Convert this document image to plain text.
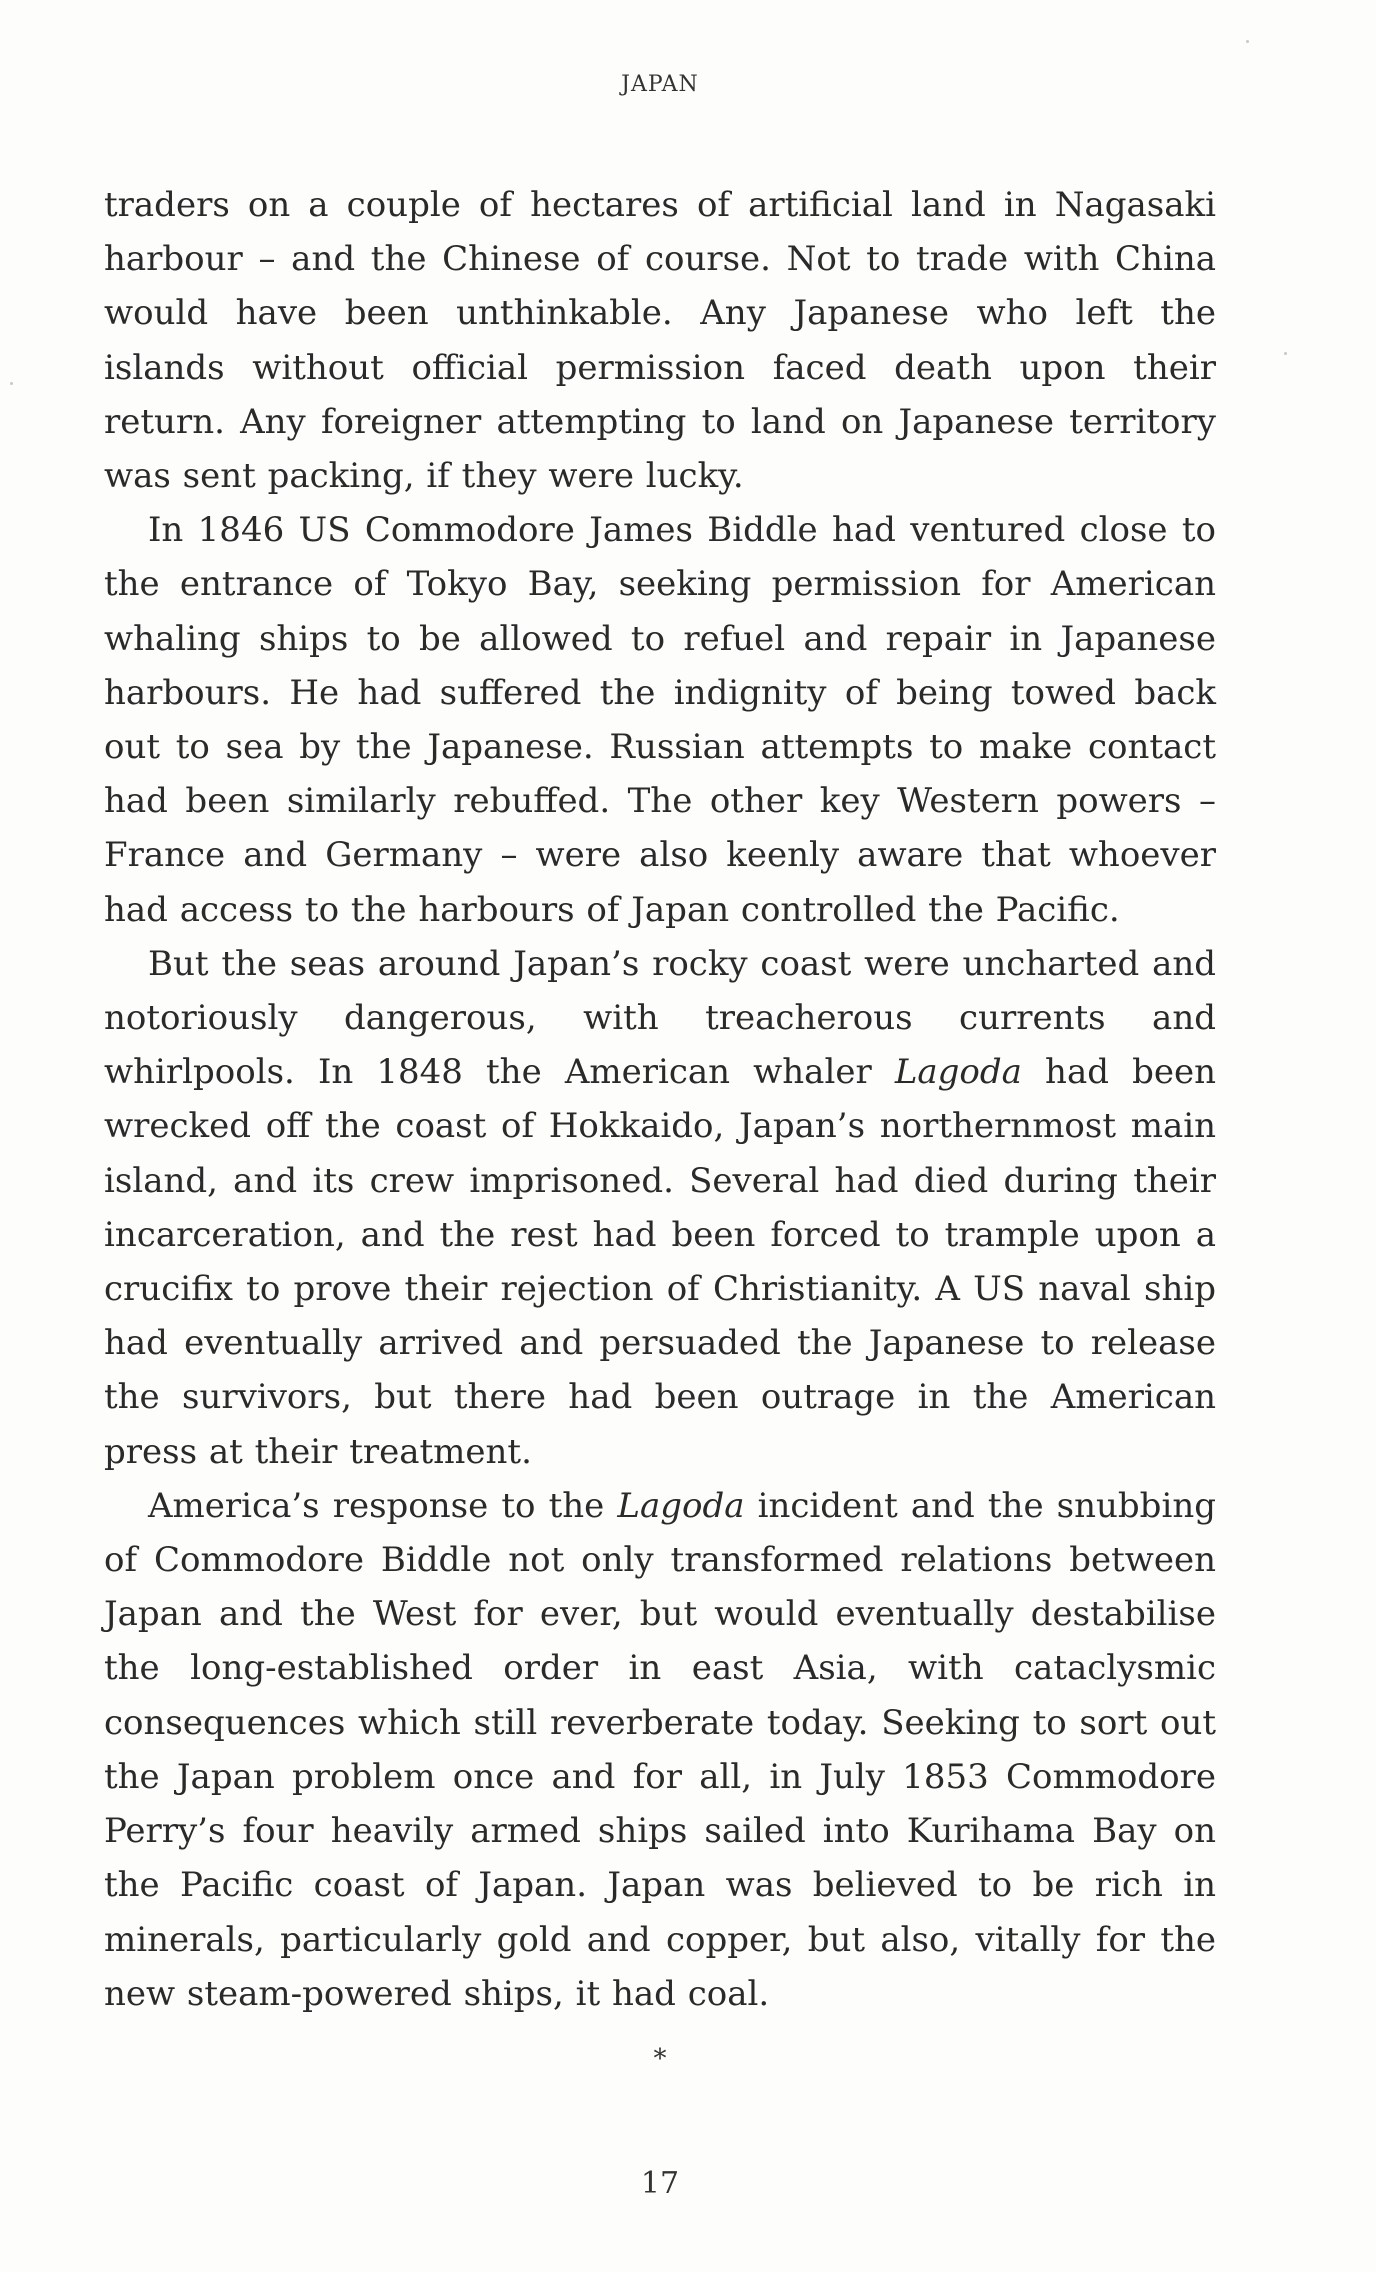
JAPAN

traders on a couple of hectares of artificial land in Nagasaki harbour – and the Chinese of course. Not to trade with China would have been unthinkable. Any Japanese who left the islands without official permission faced death upon their return. Any foreigner attempting to land on Japanese territory was sent packing, if they were lucky.

In 1846 US Commodore James Biddle had ventured close to the entrance of Tokyo Bay, seeking permission for American whaling ships to be allowed to refuel and repair in Japanese harbours. He had suffered the indignity of being towed back out to sea by the Japanese. Russian attempts to make contact had been similarly rebuffed. The other key Western powers – France and Germany – were also keenly aware that whoever had access to the harbours of Japan controlled the Pacific.

But the seas around Japan’s rocky coast were uncharted and notoriously dangerous, with treacherous currents and whirlpools. In 1848 the American whaler Lagoda had been wrecked off the coast of Hokkaido, Japan’s northernmost main island, and its crew imprisoned. Several had died during their incarceration, and the rest had been forced to trample upon a crucifix to prove their rejection of Christianity. A US naval ship had eventually arrived and persuaded the Japanese to release the survivors, but there had been outrage in the American press at their treatment.

America’s response to the Lagoda incident and the snubbing of Commodore Biddle not only transformed relations between Japan and the West for ever, but would eventually destabilise the long-established order in east Asia, with cataclysmic consequences which still reverberate today. Seeking to sort out the Japan problem once and for all, in July 1853 Commodore Perry’s four heavily armed ships sailed into Kurihama Bay on the Pacific coast of Japan. Japan was believed to be rich in minerals, particularly gold and copper, but also, vitally for the new steam-powered ships, it had coal.

*
17
